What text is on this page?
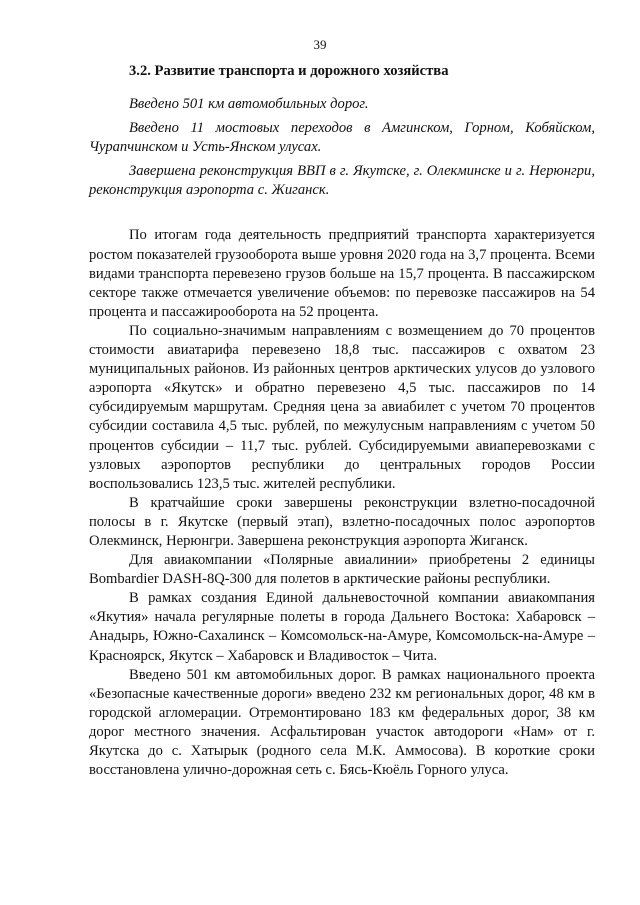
39
3.2. Развитие транспорта и дорожного хозяйства

Введено 501 км автомобильных дорог.

Введено 11 мостовых переходов в Амгинском, Горном, Кобяйском, Чурапчинском и Усть-Янском улусах.

Завершена реконструкция ВВП в г. Якутске, г. Олекминске и г. Нерюнгри, реконструкция аэропорта с. Жиганск.

По итогам года деятельность предприятий транспорта характеризуется ростом показателей грузооборота выше уровня 2020 года на 3,7 процента. Всеми видами транспорта перевезено грузов больше на 15,7 процента. В пассажирском секторе также отмечается увеличение объемов: по перевозке пассажиров на 54 процента и пассажирооборота на 52 процента.

По социально-значимым направлениям с возмещением до 70 процентов стоимости авиатарифа перевезено 18,8 тыс. пассажиров с охватом 23 муниципальных районов. Из районных центров арктических улусов до узлового аэропорта «Якутск» и обратно перевезено 4,5 тыс. пассажиров по 14 субсидируемым маршрутам. Средняя цена за авиабилет с учетом 70 процентов субсидии составила 4,5 тыс. рублей, по межулусным направлениям с учетом 50 процентов субсидии – 11,7 тыс. рублей. Субсидируемыми авиаперевозками с узловых аэропортов республики до центральных городов России воспользовались 123,5 тыс. жителей республики.

В кратчайшие сроки завершены реконструкции взлетно-посадочной полосы в г. Якутске (первый этап), взлетно-посадочных полос аэропортов Олекминск, Нерюнгри. Завершена реконструкция аэропорта Жиганск.

Для авиакомпании «Полярные авиалинии» приобретены 2 единицы Bombardier DASH-8Q-300 для полетов в арктические районы республики.

В рамках создания Единой дальневосточной компании авиакомпания «Якутия» начала регулярные полеты в города Дальнего Востока: Хабаровск – Анадырь, Южно-Сахалинск – Комсомольск-на-Амуре, Комсомольск-на-Амуре – Красноярск, Якутск – Хабаровск и Владивосток – Чита.

Введено 501 км автомобильных дорог. В рамках национального проекта «Безопасные качественные дороги» введено 232 км региональных дорог, 48 км в городской агломерации. Отремонтировано 183 км федеральных дорог, 38 км дорог местного значения. Асфальтирован участок автодороги «Нам» от г. Якутска до с. Хатырык (родного села М.К. Аммосова). В короткие сроки восстановлена улично-дорожная сеть с. Бясь-Кюёль Горного улуса.
